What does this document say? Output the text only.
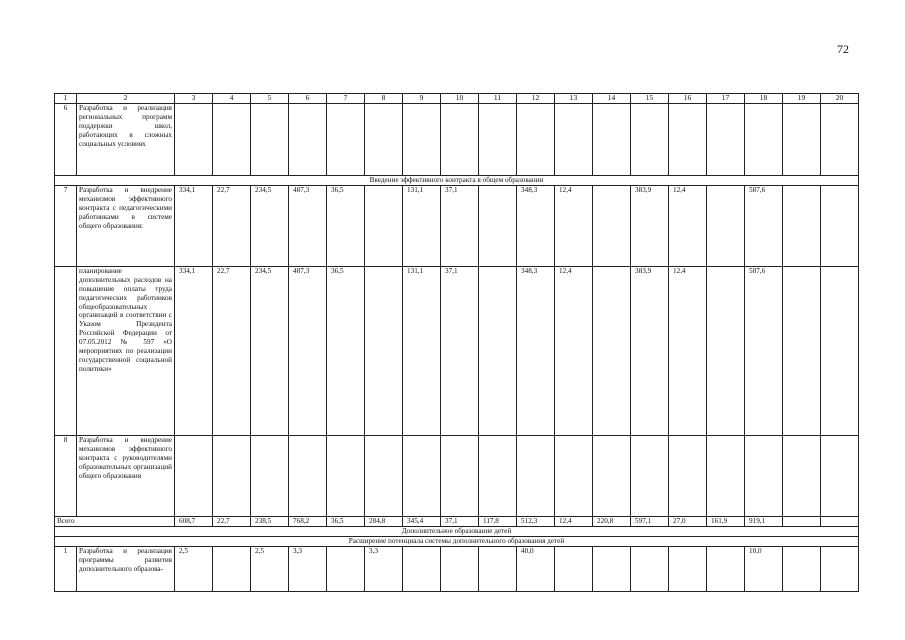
72
1	2	3	4	5	6	7	8	9	10	11	12	13	14	15	16	17	18	19	20
6	Разработка и реализация региональных программ поддержки школ, работающих в сложных социальных условиях																		
Введение эффективного контракта в общем образовании																			
7	Разработка и внедрение механизмов эффективного контракта с педагогическими работниками в системе общего образования:	334,1	22,7	234,5	487,3	36,5		131,1	37,1		348,3	12,4		383,9	12,4		587,6		
	планирование дополнительных расходов на повышение оплаты труда педагогических работников общеобразовательных организаций в соответствии с Указом Президента Российской Федерации от 07.05.2012 № 597 «О мероприятиях по реализации государственной социальной политики»	334,1	22,7	234,5	487,3	36,5		131,1	37,1		348,3	12,4		383,9	12,4		587,6		
8	Разработка и внедрение механизмов эффективного контракта с руководителями образовательных организаций общего образования																		
Всего		608,7	22,7	238,5	768,2	36,5	284,8	345,4	37,1	117,8	512,3	12,4	220,8	597,1	27,0	161,9	919,1		
Дополнительное образование детей																			
Расширение потенциала системы дополнительного образования детей																			
1	Разработка и реализация программы развития дополнительного образова-	2,5		2,5	3,3		3,3				40,0						10,0		
